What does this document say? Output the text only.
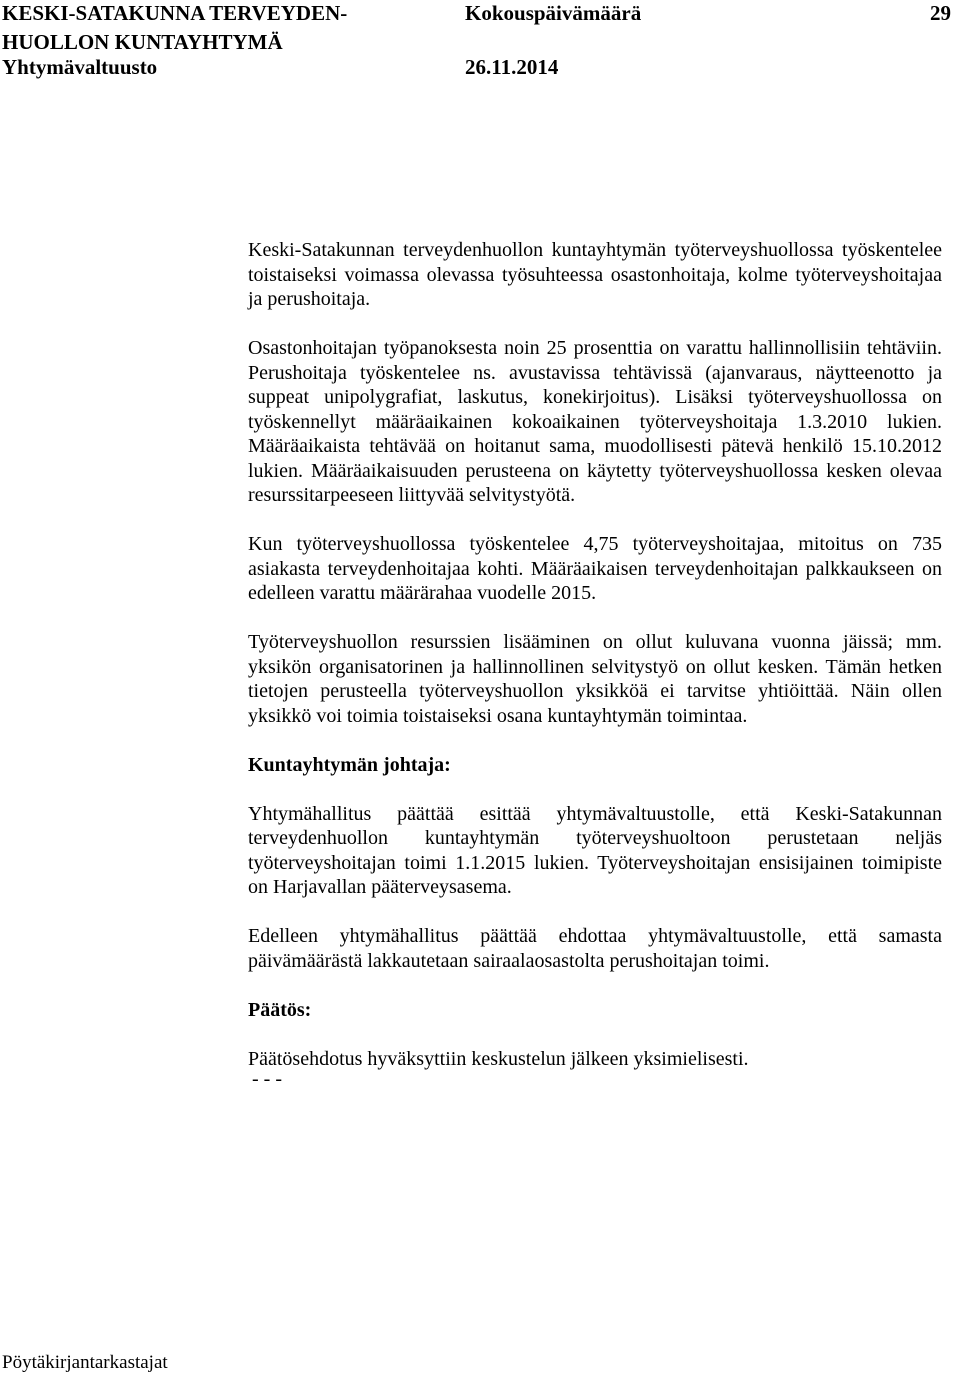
KESKI-SATAKUNNA TERVEYDEN-
HUOLLON KUNTAYHTYMÄ
Yhtymävaltuusto
Kokouspäivämäärä
26.11.2014
29

Keski-Satakunnan terveydenhuollon kuntayhtymän työterveyshuollossa työskentelee toistaiseksi voimassa olevassa työsuhteessa osastonhoitaja, kolme työterveyshoitajaa ja perushoitaja.

Osastonhoitajan työpanoksesta noin 25 prosenttia on varattu hallinnollisiin tehtäviin. Perushoitaja työskentelee ns. avustavissa tehtävissä (ajanvaraus, näytteenotto ja suppeat unipolygrafiat, laskutus, konekirjoitus). Lisäksi työterveyshuollossa on työskennellyt määräaikainen kokoaikainen työterveyshoitaja 1.3.2010 lukien. Määräaikaista tehtävää on hoitanut sama, muodollisesti pätevä henkilö 15.10.2012 lukien. Määräaikaisuuden perusteena on käytetty työterveyshuollossa kesken olevaa resurssitarpeeseen liittyvää selvitystyötä.

Kun työterveyshuollossa työskentelee 4,75 työterveyshoitajaa, mitoitus on 735 asiakasta terveydenhoitajaa kohti. Määräaikaisen terveydenhoitajan palkkaukseen on edelleen varattu määrärahaa vuodelle 2015.

Työterveyshuollon resurssien lisääminen on ollut kuluvana vuonna jäissä; mm. yksikön organisatorinen ja hallinnollinen selvitystyö on ollut kesken. Tämän hetken tietojen perusteella työterveyshuollon yksikköä ei tarvitse yhtiöittää. Näin ollen yksikkö voi toimia toistaiseksi osana kuntayhtymän toimintaa.

Kuntayhtymän johtaja:

Yhtymähallitus päättää esittää yhtymävaltuustolle, että Keski-Satakunnan terveydenhuollon kuntayhtymän työterveyshuoltoon perustetaan neljäs työterveyshoitajan toimi 1.1.2015 lukien. Työterveyshoitajan ensisijainen toimipiste on Harjavallan pääterveysasema.

Edelleen yhtymähallitus päättää ehdottaa yhtymävaltuustolle, että samasta päivämäärästä lakkautetaan sairaalaosastolta perushoitajan toimi.

Päätös:

Päätösehdotus hyväksyttiin keskustelun jälkeen yksimielisesti.

- - -

Pöytäkirjantarkastajat
